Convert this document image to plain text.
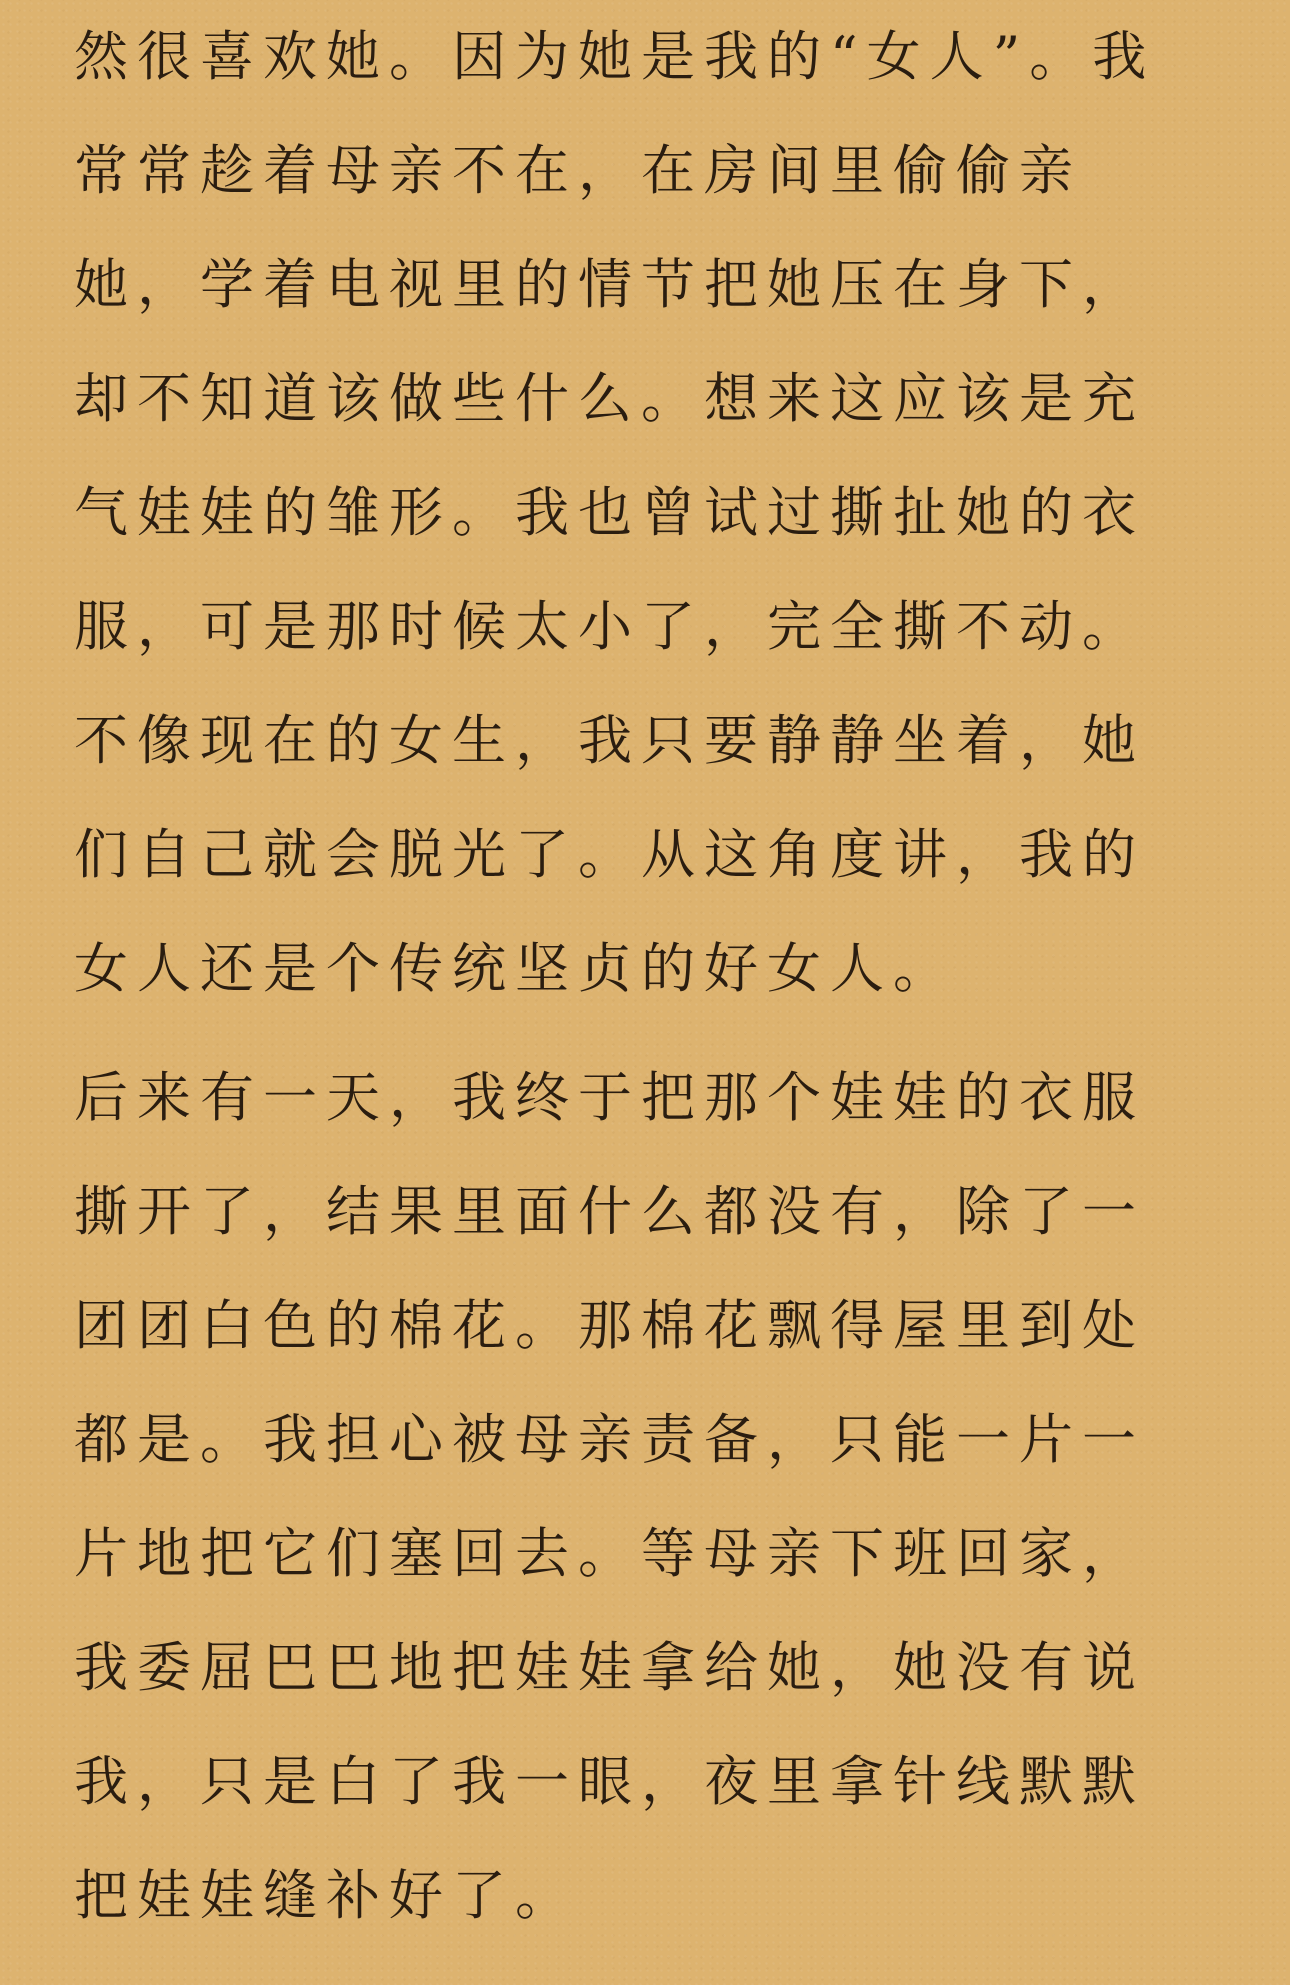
然很喜欢她。因为她是我的“女人”。我
常常趁着母亲不在，在房间里偷偷亲
她，学着电视里的情节把她压在身下，
却不知道该做些什么。想来这应该是充
气娃娃的雏形。我也曾试过撕扯她的衣
服，可是那时候太小了，完全撕不动。
不像现在的女生，我只要静静坐着，她
们自己就会脱光了。从这角度讲，我的
女人还是个传统坚贞的好女人。
后来有一天，我终于把那个娃娃的衣服
撕开了，结果里面什么都没有，除了一
团团白色的棉花。那棉花飘得屋里到处
都是。我担心被母亲责备，只能一片一
片地把它们塞回去。等母亲下班回家，
我委屈巴巴地把娃娃拿给她，她没有说
我，只是白了我一眼，夜里拿针线默默
把娃娃缝补好了。
